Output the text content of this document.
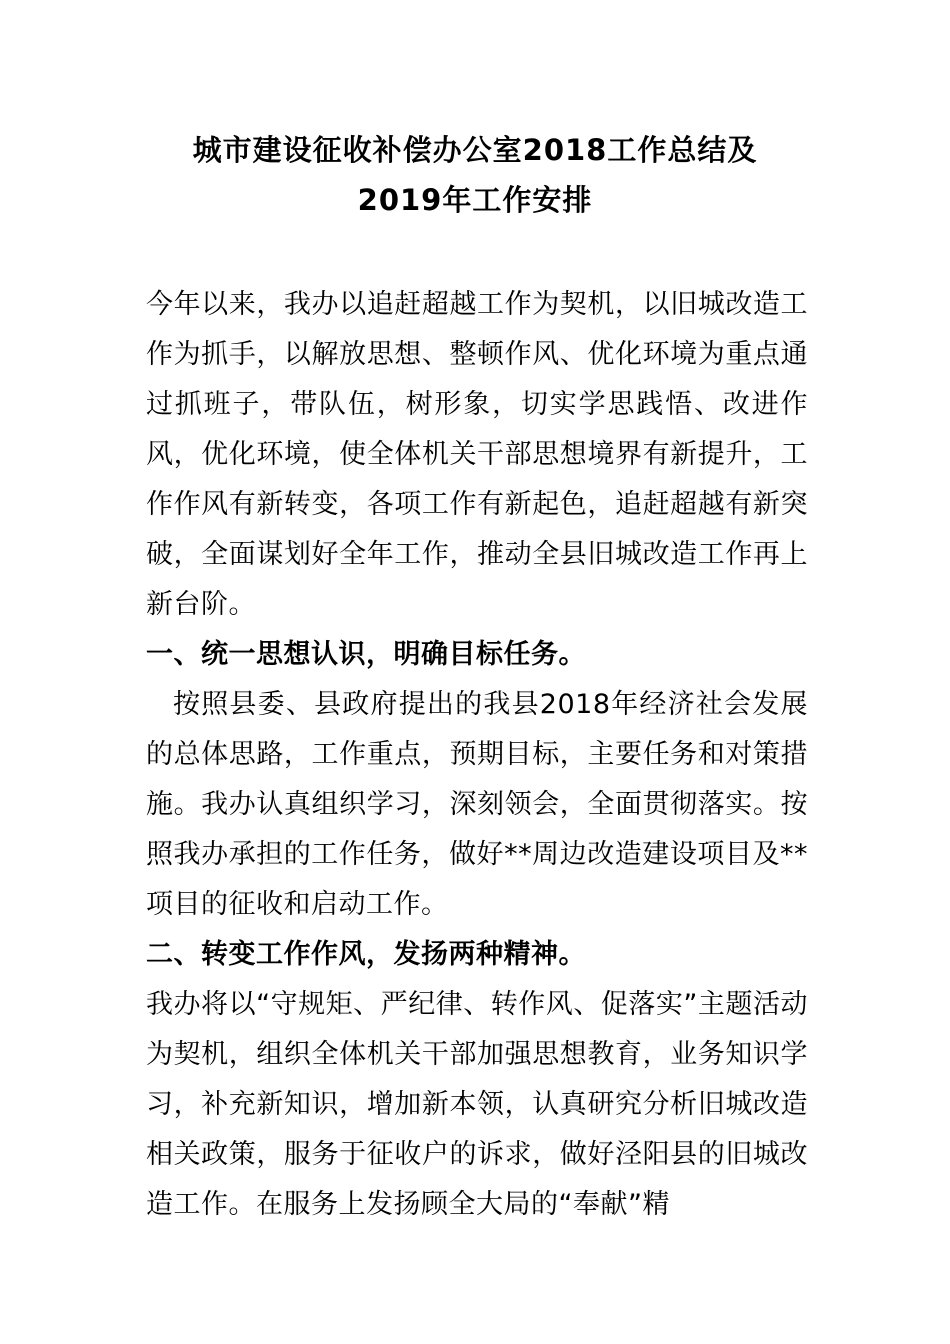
城市建设征收补偿办公室2018工作总结及
2019年工作安排

今年以来，我办以追赶超越工作为契机，以旧城改造工作为抓手，以解放思想、整顿作风、优化环境为重点通过抓班子，带队伍，树形象，切实学思践悟、改进作风，优化环境，使全体机关干部思想境界有新提升，工作作风有新转变，各项工作有新起色，追赶超越有新突破，全面谋划好全年工作，推动全县旧城改造工作再上新台阶。

一、统一思想认识，明确目标任务。

按照县委、县政府提出的我县2018年经济社会发展的总体思路，工作重点，预期目标，主要任务和对策措施。我办认真组织学习，深刻领会，全面贯彻落实。按照我办承担的工作任务，做好**周边改造建设项目及**项目的征收和启动工作。

二、转变工作作风，发扬两种精神。

我办将以“守规矩、严纪律、转作风、促落实”主题活动为契机，组织全体机关干部加强思想教育，业务知识学习，补充新知识，增加新本领，认真研究分析旧城改造相关政策，服务于征收户的诉求，做好泾阳县的旧城改造工作。在服务上发扬顾全大局的“奉献”精
